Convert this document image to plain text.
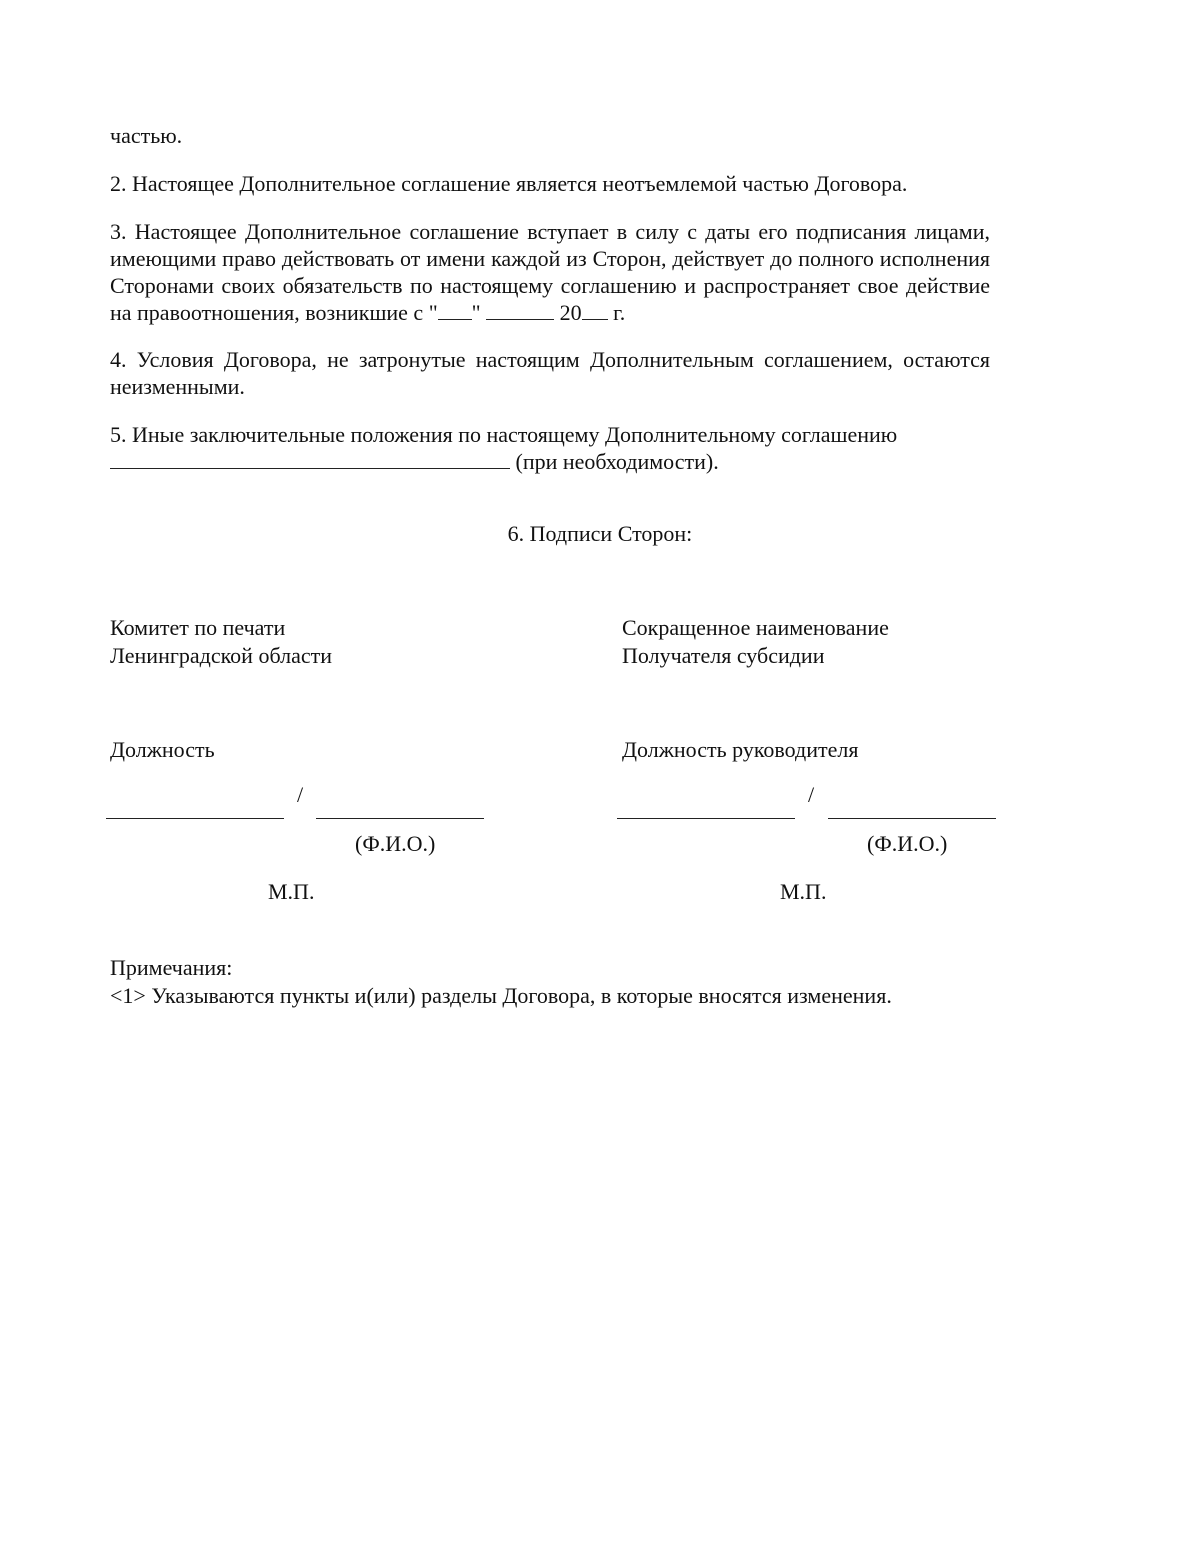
частью.

2. Настоящее Дополнительное соглашение является неотъемлемой частью Договора.

3. Настоящее Дополнительное соглашение вступает в силу с даты его подписания лицами, имеющими право действовать от имени каждой из Сторон, действует до полного исполнения Сторонами своих обязательств по настоящему соглашению и распространяет свое действие на правоотношения, возникшие с " "	20 г.

4. Условия Договора, не затронутые настоящим Дополнительным соглашением, остаются неизменными.

5. Иные заключительные положения по настоящему Дополнительному соглашению
(при необходимости).

6. Подписи Сторон:
Комитет по печати
Ленинградской области
Должность
/
(Ф.И.О.)
М.П.
Сокращенное наименование
Получателя субсидии
Должность руководителя
/
(Ф.И.О.)
М.П.
Примечания:
<1> Указываются пункты и(или) разделы Договора, в которые вносятся изменения.
